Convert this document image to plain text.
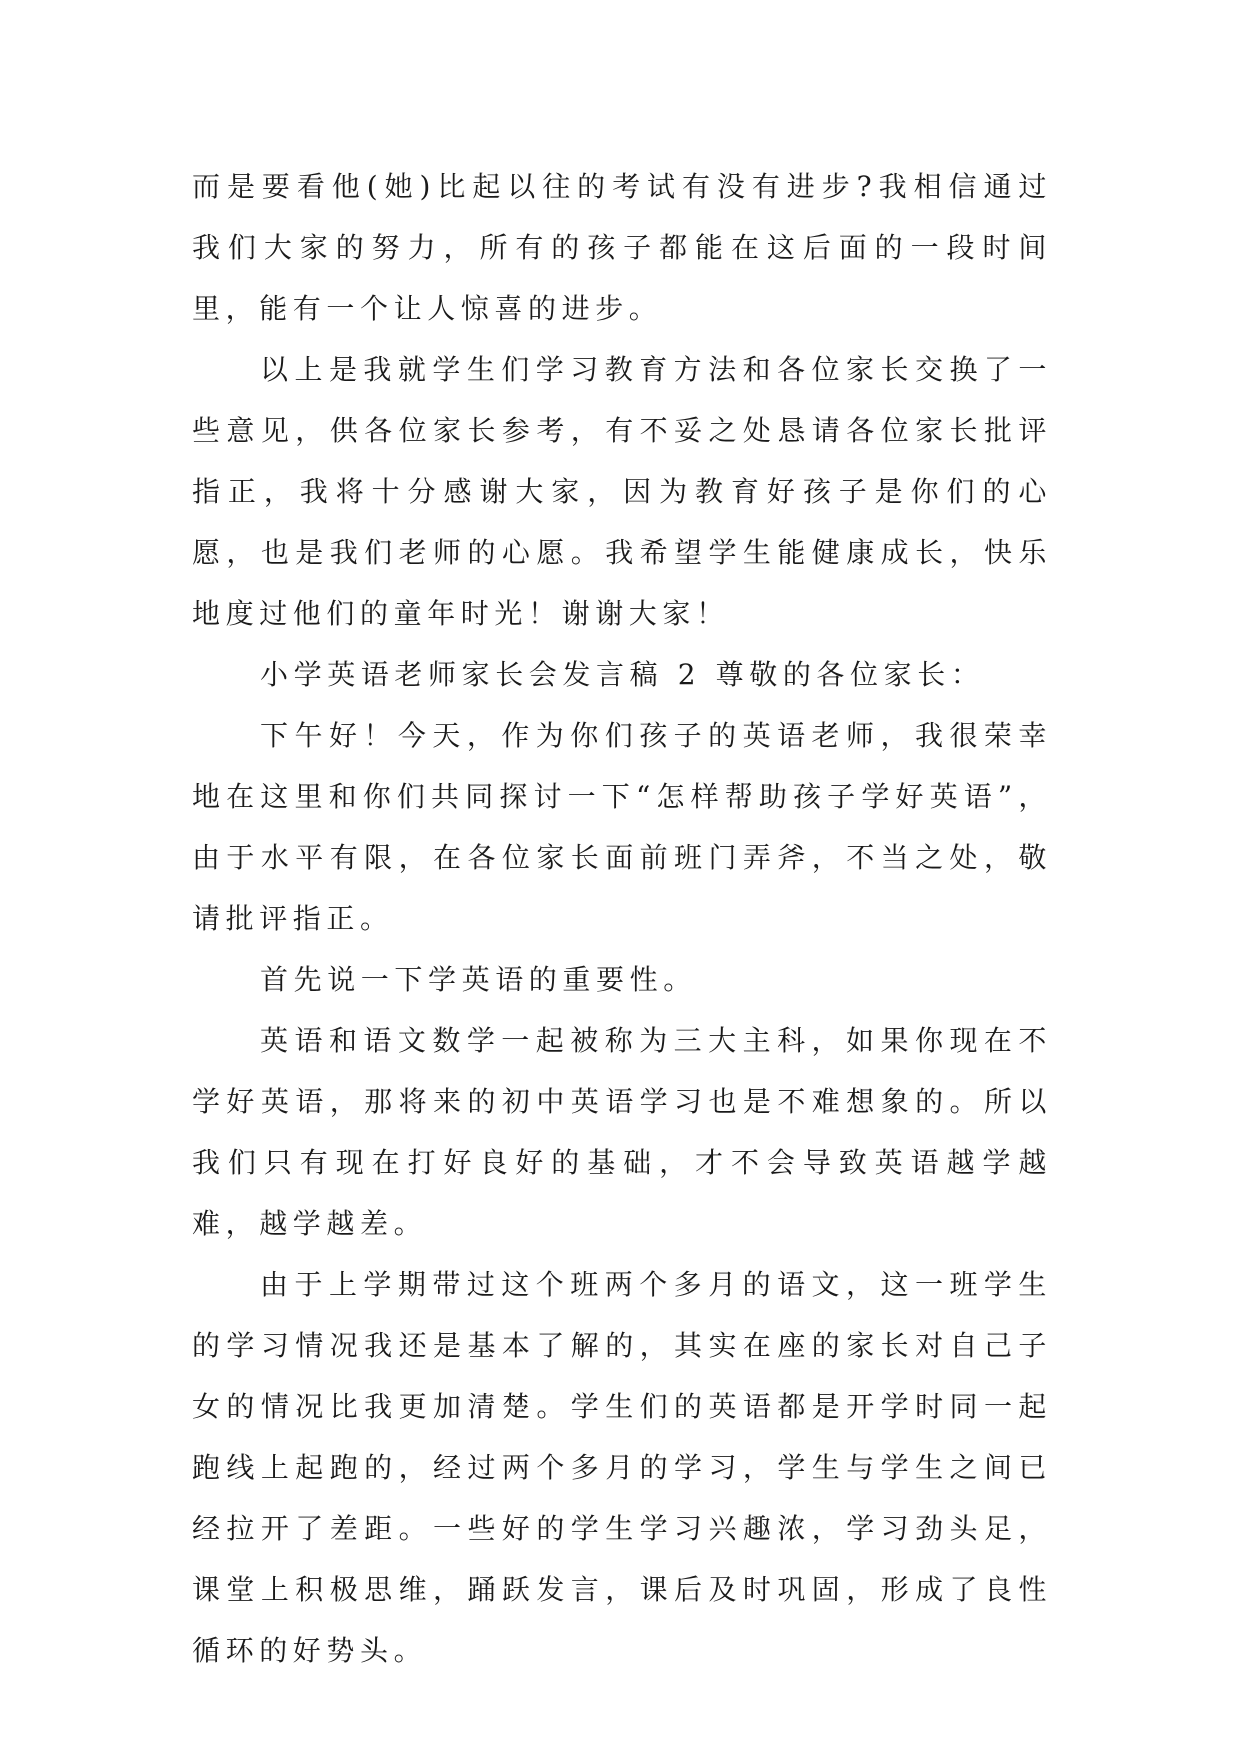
而是要看他(她)比起以往的考试有没有进步?我相信通过我们大家的努力，所有的孩子都能在这后面的一段时间里，能有一个让人惊喜的进步。

以上是我就学生们学习教育方法和各位家长交换了一些意见，供各位家长参考，有不妥之处恳请各位家长批评指正，我将十分感谢大家，因为教育好孩子是你们的心愿，也是我们老师的心愿。我希望学生能健康成长，快乐地度过他们的童年时光！谢谢大家！

小学英语老师家长会发言稿 2 尊敬的各位家长：

下午好！今天，作为你们孩子的英语老师，我很荣幸地在这里和你们共同探讨一下“怎样帮助孩子学好英语”，由于水平有限，在各位家长面前班门弄斧，不当之处，敬请批评指正。

首先说一下学英语的重要性。

英语和语文数学一起被称为三大主科，如果你现在不学好英语，那将来的初中英语学习也是不难想象的。所以我们只有现在打好良好的基础，才不会导致英语越学越难，越学越差。

由于上学期带过这个班两个多月的语文，这一班学生的学习情况我还是基本了解的，其实在座的家长对自己子女的情况比我更加清楚。学生们的英语都是开学时同一起跑线上起跑的，经过两个多月的学习，学生与学生之间已经拉开了差距。一些好的学生学习兴趣浓，学习劲头足，课堂上积极思维，踊跃发言，课后及时巩固，形成了良性循环的好势头。
